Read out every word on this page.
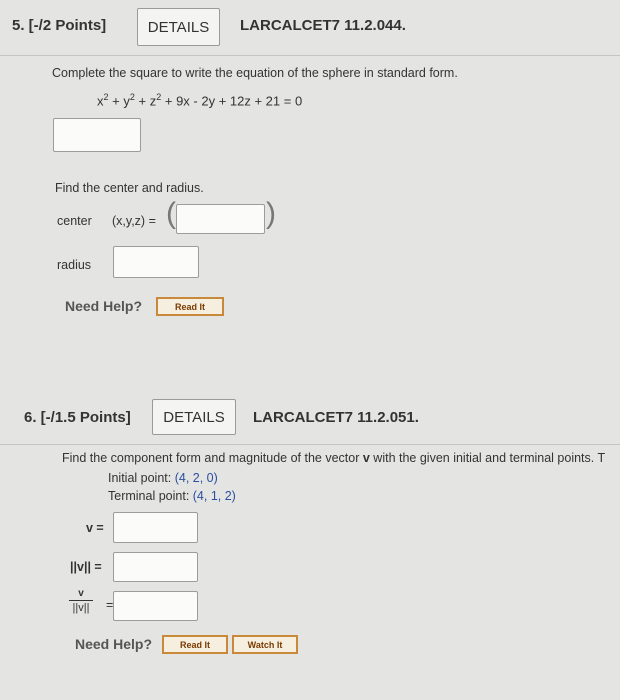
5. [-/2 Points]	DETAILS	LARCALCET7 11.2.044.
Complete the square to write the equation of the sphere in standard form.
$x^2 + y^2 + z^2 + 9x - 2y + 12z + 21 = 0$
Find the center and radius.
center (x,y,z) = (	)
radius
Need Help?	Read It
6. [-/1.5 Points]	DETAILS	LARCALCET7 11.2.051.
Find the component form and magnitude of the vector v with the given initial and terminal points. T
Initial point: (4, 2, 0)
Terminal point: (4, 1, 2)
v =
||v|| =
v
||v|| =
Need Help?	Read It	Watch It
